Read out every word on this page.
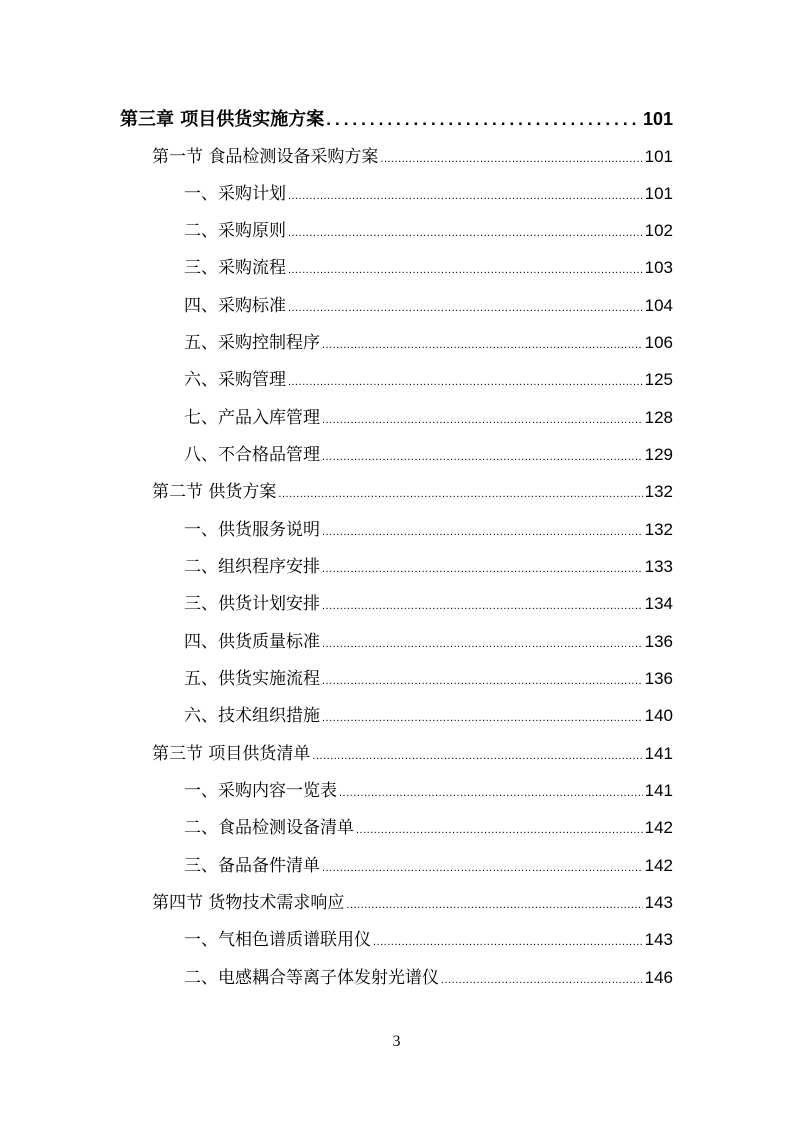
第三章 项目供货实施方案 .....	101
第一节 食品检测设备采购方案 .....	101
一、采购计划 .....	101
二、采购原则 .....	102
三、采购流程 .....	103
四、采购标准 .....	104
五、采购控制程序 .....	106
六、采购管理 .....	125
七、产品入库管理 .....	128
八、不合格品管理 .....	129
第二节 供货方案 .....	132
一、供货服务说明 .....	132
二、组织程序安排 .....	133
三、供货计划安排 .....	134
四、供货质量标准 .....	136
五、供货实施流程 .....	136
六、技术组织措施 .....	140
第三节 项目供货清单 .....	141
一、采购内容一览表 .....	141
二、食品检测设备清单 .....	142
三、备品备件清单 .....	142
第四节 货物技术需求响应 .....	143
一、气相色谱质谱联用仪 .....	143
二、电感耦合等离子体发射光谱仪 .....	146
3
